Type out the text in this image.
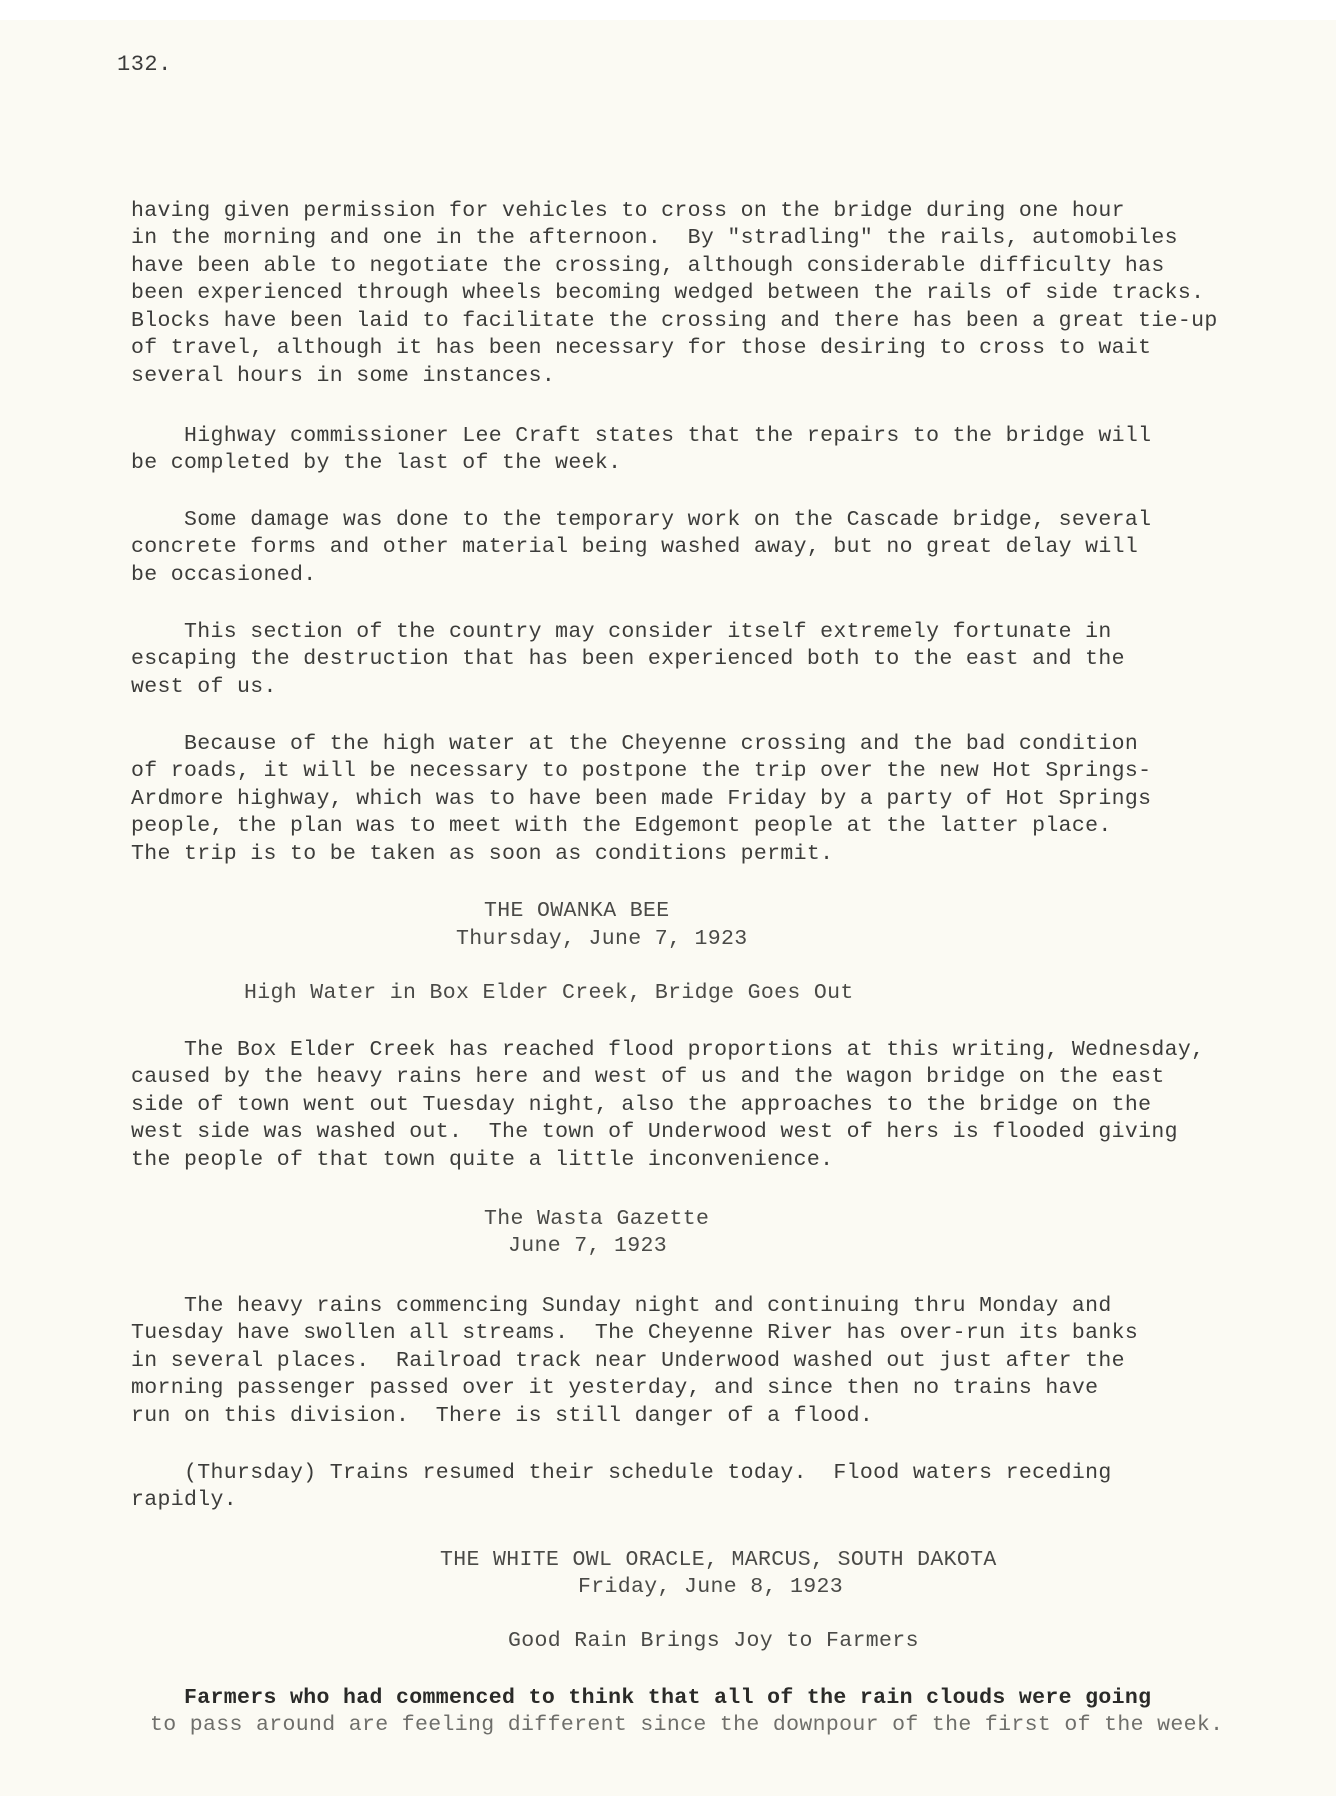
132.
having given permission for vehicles to cross on the bridge during one hour
in the morning and one in the afternoon.  By "stradling" the rails, automobiles
have been able to negotiate the crossing, although considerable difficulty has
been experienced through wheels becoming wedged between the rails of side tracks.
Blocks have been laid to facilitate the crossing and there has been a great tie-up
of travel, although it has been necessary for those desiring to cross to wait
several hours in some instances.
Highway commissioner Lee Craft states that the repairs to the bridge will
be completed by the last of the week.
Some damage was done to the temporary work on the Cascade bridge, several
concrete forms and other material being washed away, but no great delay will
be occasioned.
This section of the country may consider itself extremely fortunate in
escaping the destruction that has been experienced both to the east and the
west of us.
Because of the high water at the Cheyenne crossing and the bad condition
of roads, it will be necessary to postpone the trip over the new Hot Springs-
Ardmore highway, which was to have been made Friday by a party of Hot Springs
people, the plan was to meet with the Edgemont people at the latter place.
The trip is to be taken as soon as conditions permit.
THE OWANKA BEE
Thursday, June 7, 1923
High Water in Box Elder Creek, Bridge Goes Out
The Box Elder Creek has reached flood proportions at this writing, Wednesday,
caused by the heavy rains here and west of us and the wagon bridge on the east
side of town went out Tuesday night, also the approaches to the bridge on the
west side was washed out.  The town of Underwood west of hers is flooded giving
the people of that town quite a little inconvenience.
The Wasta Gazette
June 7, 1923
The heavy rains commencing Sunday night and continuing thru Monday and
Tuesday have swollen all streams.  The Cheyenne River has over-run its banks
in several places.  Railroad track near Underwood washed out just after the
morning passenger passed over it yesterday, and since then no trains have
run on this division.  There is still danger of a flood.
(Thursday) Trains resumed their schedule today.  Flood waters receding
rapidly.
THE WHITE OWL ORACLE, MARCUS, SOUTH DAKOTA
Friday, June 8, 1923
Good Rain Brings Joy to Farmers
Farmers who had commenced to think that all of the rain clouds were going
to pass around are feeling different since the downpour of the first of the week.
